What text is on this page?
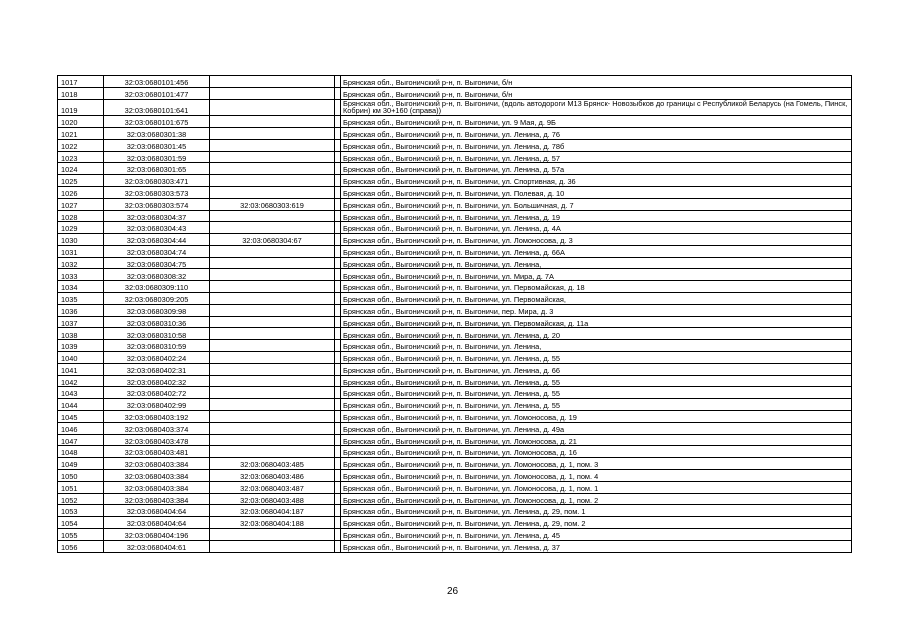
1017	32:03:0680101:456			Брянская обл., Выгоничский р-н, п. Выгоничи, б/н
1018	32:03:0680101:477			Брянская обл., Выгоничский р-н, п. Выгоничи, б/н
1019	32:03:0680101:641			Брянская обл., Выгоничский р-н, п. Выгоничи, (вдоль автодороги М13 Брянск- Новозыбков до границы с Республикой Беларусь (на Гомель, Пинск, Кобрин) км 30+160 (справа))
1020	32:03:0680101:675			Брянская обл., Выгоничский р-н, п. Выгоничи, ул. 9 Мая, д. 9Б
1021	32:03:0680301:38			Брянская обл., Выгоничский р-н, п. Выгоничи, ул. Ленина, д. 76
1022	32:03:0680301:45			Брянская обл., Выгоничский р-н, п. Выгоничи, ул. Ленина, д. 78б
1023	32:03:0680301:59			Брянская обл., Выгоничский р-н, п. Выгоничи, ул. Ленина, д. 57
1024	32:03:0680301:65			Брянская обл., Выгоничский р-н, п. Выгоничи, ул. Ленина, д. 57а
1025	32:03:0680303:471			Брянская обл., Выгоничский р-н, п. Выгоничи, ул. Спортивная, д. 36
1026	32:03:0680303:573			Брянская обл., Выгоничский р-н, п. Выгоничи, ул. Полевая, д. 10
1027	32:03:0680303:574	32:03:0680303:619		Брянская обл., Выгоничский р-н, п. Выгоничи, ул. Большичная, д. 7
1028	32:03:0680304:37			Брянская обл., Выгоничский р-н, п. Выгоничи, ул. Ленина, д. 19
1029	32:03:0680304:43			Брянская обл., Выгоничский р-н, п. Выгоничи, ул. Ленина, д. 4А
1030	32:03:0680304:44	32:03:0680304:67		Брянская обл., Выгоничский р-н, п. Выгоничи, ул. Ломоносова, д. 3
1031	32:03:0680304:74			Брянская обл., Выгоничский р-н, п. Выгоничи, ул. Ленина, д. 66А
1032	32:03:0680304:75			Брянская обл., Выгоничский р-н, п. Выгоничи, ул. Ленина,
1033	32:03:0680308:32			Брянская обл., Выгоничский р-н, п. Выгоничи, ул. Мира, д. 7А
1034	32:03:0680309:110			Брянская обл., Выгоничский р-н, п. Выгоничи, ул. Первомайская, д. 18
1035	32:03:0680309:205			Брянская обл., Выгоничский р-н, п. Выгоничи, ул. Первомайская,
1036	32:03:0680309:98			Брянская обл., Выгоничский р-н, п. Выгоничи, пер. Мира, д. 3
1037	32:03:0680310:36			Брянская обл., Выгоничский р-н, п. Выгоничи, ул. Первомайская, д. 11а
1038	32:03:0680310:58			Брянская обл., Выгоничский р-н, п. Выгоничи, ул. Ленина, д. 20
1039	32:03:0680310:59			Брянская обл., Выгоничский р-н, п. Выгоничи, ул. Ленина,
1040	32:03:0680402:24			Брянская обл., Выгоничский р-н, п. Выгоничи, ул. Ленина, д. 55
1041	32:03:0680402:31			Брянская обл., Выгоничский р-н, п. Выгоничи, ул. Ленина, д. 66
1042	32:03:0680402:32			Брянская обл., Выгоничский р-н, п. Выгоничи, ул. Ленина, д. 55
1043	32:03:0680402:72			Брянская обл., Выгоничский р-н, п. Выгоничи, ул. Ленина, д. 55
1044	32:03:0680402:99			Брянская обл., Выгоничский р-н, п. Выгоничи, ул. Ленина, д. 55
1045	32:03:0680403:192			Брянская обл., Выгоничский р-н, п. Выгоничи, ул. Ломоносова, д. 19
1046	32:03:0680403:374			Брянская обл., Выгоничский р-н, п. Выгоничи, ул. Ленина, д. 49а
1047	32:03:0680403:478			Брянская обл., Выгоничский р-н, п. Выгоничи, ул. Ломоносова, д. 21
1048	32:03:0680403:481			Брянская обл., Выгоничский р-н, п. Выгоничи, ул. Ломоносова, д. 16
1049	32:03:0680403:384	32:03:0680403:485		Брянская обл., Выгоничский р-н, п. Выгоничи, ул. Ломоносова, д. 1, пом. 3
1050	32:03:0680403:384	32:03:0680403:486		Брянская обл., Выгоничский р-н, п. Выгоничи, ул. Ломоносова, д. 1, пом. 4
1051	32:03:0680403:384	32:03:0680403:487		Брянская обл., Выгоничский р-н, п. Выгоничи, ул. Ломоносова, д. 1, пом. 1
1052	32:03:0680403:384	32:03:0680403:488		Брянская обл., Выгоничский р-н, п. Выгоничи, ул. Ломоносова, д. 1, пом. 2
1053	32:03:0680404:64	32:03:0680404:187		Брянская обл., Выгоничский р-н, п. Выгоничи, ул. Ленина, д. 29, пом. 1
1054	32:03:0680404:64	32:03:0680404:188		Брянская обл., Выгоничский р-н, п. Выгоничи, ул. Ленина, д. 29, пом. 2
1055	32:03:0680404:196			Брянская обл., Выгоничский р-н, п. Выгоничи, ул. Ленина, д. 45
1056	32:03:0680404:61			Брянская обл., Выгоничский р-н, п. Выгоничи, ул. Ленина, д. 37
26
